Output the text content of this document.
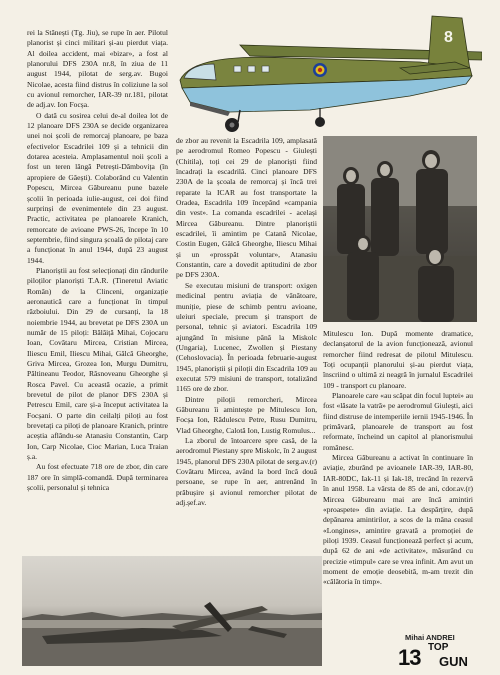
rei la Stănești (Tg. Jiu), se rupe în aer. Pilotul planorist și cinci militari și-au pierdut viața. Al doilea accident, mai «bizar», a fost al planorului DFS 230A nr.8, în ziua de 11 august 1944, pilotat de serg.av. Bugoi Nicolae, acesta fiind distrus în coliziune la sol cu avionul remorcher, IAR-39 nr.181, pilotat de adj.av. Ion Focșa.

O dată cu sosirea celui de-al doilea lot de 12 planoare DFS 230A se decide organizarea unei noi școli de remorcaj planoare, pe baza efectivelor Escadrilei 109 și a tehnicii din dotarea acesteia. Amplasamentul noii școli a fost un teren lângă Petrești-Dâmbovița (în apropiere de Găești). Colaborând cu Valentin Popescu, Mircea Găbureanu pune bazele școlii în perioada iulie-august, cei doi fiind surprinși de evenimentele din 23 august. Practic, activitatea pe planoarele Kranich, remorcate de avioane PWS-26, începe în 10 septembrie, fiind singura școală de pilotaj care a funcționat în anul 1944, după 23 august 1944.

Planoriștii au fost selecționați din rândurile piloților planoriști T.A.R. (Tineretul Aviatic Român) de la Clinceni, organizație aeronautică care a funcționat în timpul războiului. Din 29 de cursanți, la 18 noiembrie 1944, au brevetat pe DFS 230A un număr de 15 piloți: Bălăiță Mihai, Cojocaru Ioan, Covătaru Mircea, Cristian Mircea, Iliescu Emil, Iliescu Mihai, Gâlcă Gheorghe, Griva Mircea, Grozea Ion, Murgu Dumitru, Păltineanu Teodor, Răsnoveanu Gheorghe și Rosca Pavel. Cu această ocazie, a primit brevetul de pilot de planor DFS 230A și Petrescu Emil, care și-a început activitatea la Focșani. O parte din ceilalți piloți au fost brevetați ca piloți de planoare Kranich, printre aceștia aflându-se Atanasiu Constantin, Carp Ion, Carp Nicolae, Cioc Marian, Luca Traian ș.a.

Au fost efectuate 718 ore de zbor, din care 187 ore în simplă-comandă. După terminarea școlii, personalul și tehnica

de zbor au revenit la Escadrila 109, amplasată pe aerodromul Romeo Popescu - Giulești (Chitila), toți cei 29 de planoriști fiind încadrați la escadrilă. Cinci planoare DFS 230A de la școala de remorcaj și încă trei reparate la ICAR au fost transportate la Oradea, Escadrila 109 începând «campania din vest». La comanda escadrilei - același Mircea Găbureanu. Dintre planoriștii escadrilei, îi amintim pe Catană Nicolae, Costin Eugen, Gâlcă Gheorghe, Iliescu Mihai și un «prosspăt voluntar», Atanasiu Constantin, care a dovedit aptitudini de zbor pe DFS 230A.

Se executau misiuni de transport: oxigen medicinal pentru aviația de vânătoare, muniție, piese de schimb pentru avioane, uleiuri speciale, precum și transport de personal, tehnic și aviatori. Escadrila 109 ajungând în misiune până la Miskolc (Ungaria), Lucenec, Zwollen și Piestany (Cehoslovacia). În perioada februarie-august 1945, planoriștii și piloții din Escadrila 109 au executat 579 misiuni de transport, totalizând 1165 ore de zbor.

Dintre piloții remorcheri, Mircea Găbureanu îi amintește pe Mitulescu Ion, Focșa Ion, Rădulescu Petre, Rusu Dumitru, Vlad Gheorghe, Calotă Ion, Lustig Romulus...

La zborul de întoarcere spre casă, de la aerodromul Piestany spre Miskolc, în 2 august 1945, planorul DFS 230A pilotat de serg.av.(r) Covătaru Mircea, având la bord încă două persoane, se rupe în aer, antrenând în prăbușire și avionul remorcher pilotat de adj.șef.av.

Mitulescu Ion. După momente dramatice, declanșatorul de la avion funcționează, avionul remorcher fiind redresat de pilotul Mitulescu. Toți ocupanții planorului și-au pierdut viața, înscriind o ultimă zi neagră în jurnalul Escadrilei 109 - transport cu planoare.

Planoarele care «au scăpat din focul luptei» au fost «lăsate la vatră» pe aerodromul Giulești, aici fiind distruse de intemperiile iernii 1945-1946. În primăvară, planoarele de transport au fost reformate, încheind un capitol al planorismului românesc.

Mircea Găbureanu a activat în continuare în aviație, zburând pe avioanele IAR-39, IAR-80, IAR-80DC, Iak-11 și Iak-18, trecând în rezervă în anul 1958. La vârsta de 85 de ani, cdor.av.(r) Mircea Găbureanu mai are încă amintiri «proaspete» din aviație. La despărțire, după depănarea amintirilor, a scos de la mâna ceasul «Longines», amintire gravată a promoției de piloți 1939. Ceasul funcționează perfect și acum, după 62 de ani «de activitate», măsurând cu precizie «timpul» care se vrea infinit. Am avut un moment de emoție deosebită, m-am trezit din «călătoria în timp».

8
Mihai ANDREI
13 TOP
GUN
